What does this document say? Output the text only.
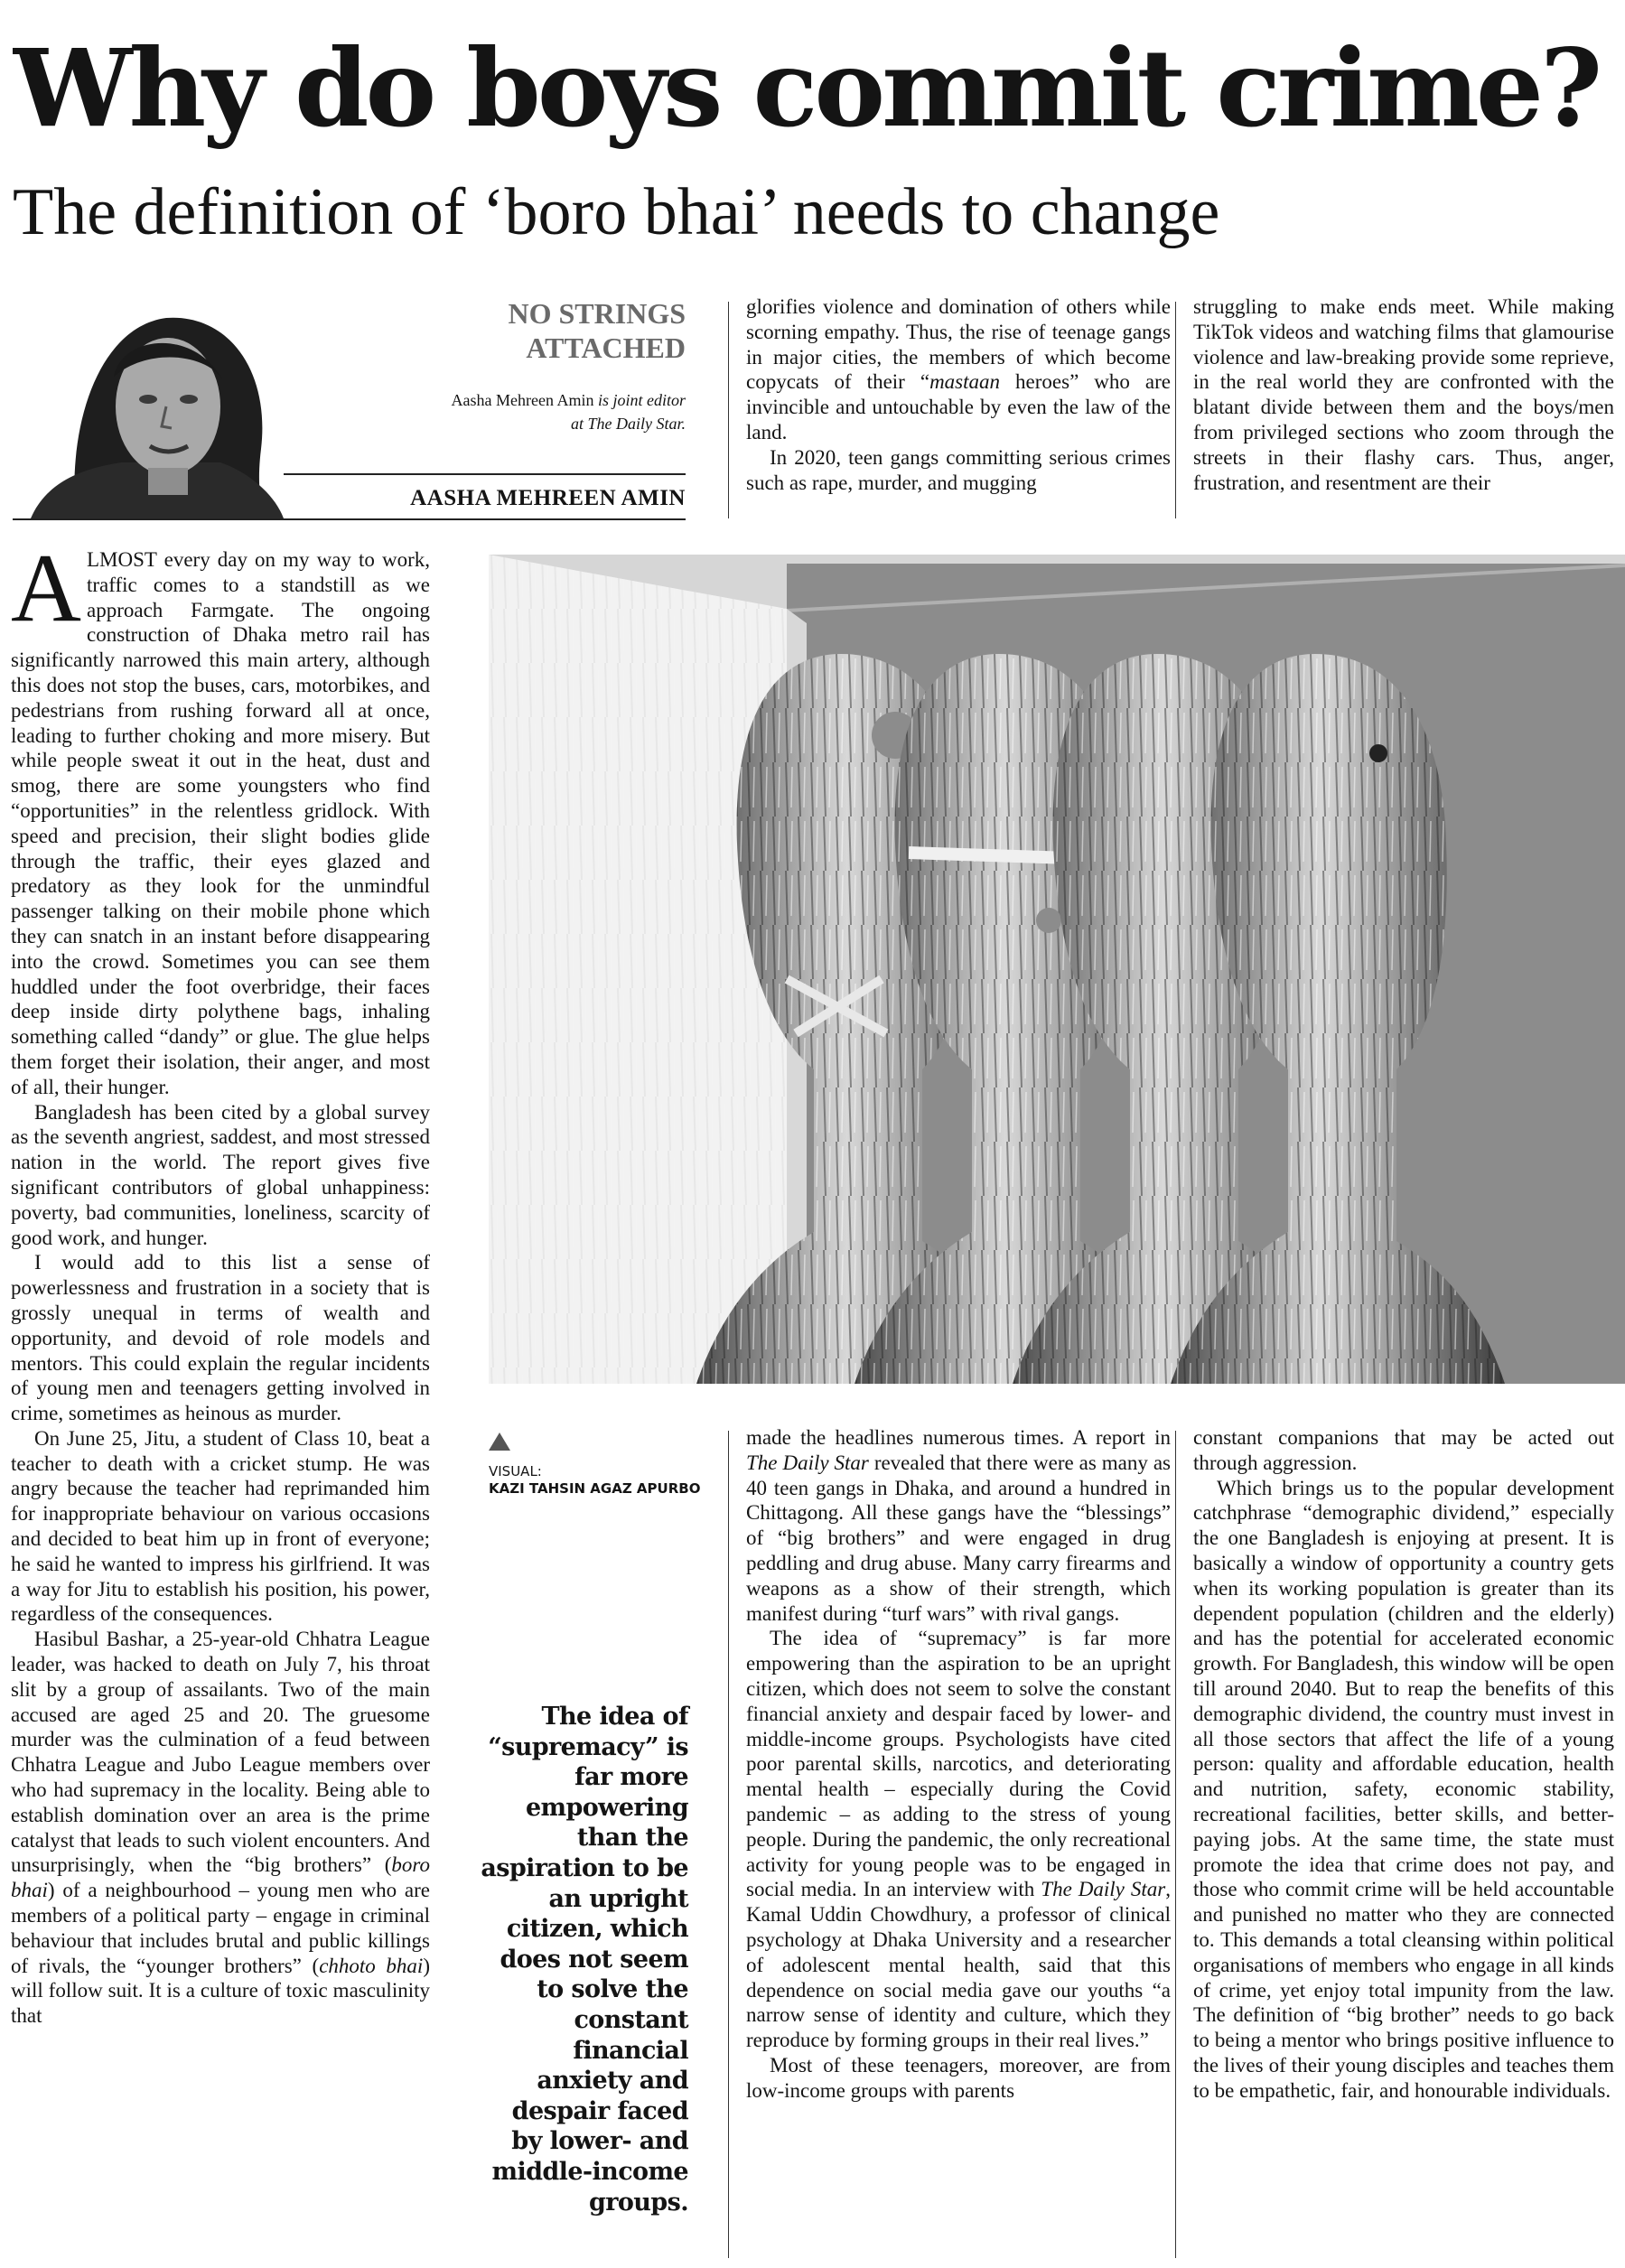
Why do boys commit crime?
The definition of ‘boro bhai’ needs to change
NO STRINGS
ATTACHED
Aasha Mehreen Amin is joint editor
at The Daily Star.
AASHA MEHREEN AMIN

ALMOST every day on my way to work, traffic comes to a standstill as we approach Farmgate. The ongoing construction of Dhaka metro rail has significantly narrowed this main artery, although this does not stop the buses, cars, motorbikes, and pedestrians from rushing forward all at once, leading to further choking and more misery. But while people sweat it out in the heat, dust and smog, there are some youngsters who find “opportunities” in the relentless gridlock. With speed and precision, their slight bodies glide through the traffic, their eyes glazed and predatory as they look for the unmindful passenger talking on their mobile phone which they can snatch in an instant before disappearing into the crowd. Sometimes you can see them huddled under the foot overbridge, their faces deep inside dirty polythene bags, inhaling something called “dandy” or glue. The glue helps them forget their isolation, their anger, and most of all, their hunger.

Bangladesh has been cited by a global survey as the seventh angriest, saddest, and most stressed nation in the world. The report gives five significant contributors of global unhappiness: poverty, bad communities, loneliness, scarcity of good work, and hunger.

I would add to this list a sense of powerlessness and frustration in a society that is grossly unequal in terms of wealth and opportunity, and devoid of role models and mentors. This could explain the regular incidents of young men and teenagers getting involved in crime, sometimes as heinous as murder.

On June 25, Jitu, a student of Class 10, beat a teacher to death with a cricket stump. He was angry because the teacher had reprimanded him for inappropriate behaviour on various occasions and decided to beat him up in front of everyone; he said he wanted to impress his girlfriend. It was a way for Jitu to establish his position, his power, regardless of the consequences.

Hasibul Bashar, a 25-year-old Chhatra League leader, was hacked to death on July 7, his throat slit by a group of assailants. Two of the main accused are aged 25 and 20. The gruesome murder was the culmination of a feud between Chhatra League and Jubo League members over who had supremacy in the locality. Being able to establish domination over an area is the prime catalyst that leads to such violent encounters. And unsurprisingly, when the “big brothers” (boro bhai) of a neighbourhood – young men who are members of a political party – engage in criminal behaviour that includes brutal and public killings of rivals, the “younger brothers” (chhoto bhai) will follow suit. It is a culture of toxic masculinity that

glorifies violence and domination of others while scorning empathy. Thus, the rise of teenage gangs in major cities, the members of which become copycats of their “mastaan heroes” who are invincible and untouchable by even the law of the land.

In 2020, teen gangs committing serious crimes such as rape, murder, and mugging

struggling to make ends meet. While making TikTok videos and watching films that glamourise violence and law-breaking provide some reprieve, in the real world they are confronted with the blatant divide between them and the boys/men from privileged sections who zoom through the streets in their flashy cars. Thus, anger, frustration, and resentment are their

VISUAL:
KAZI TAHSIN AGAZ APURBO
The idea of “supremacy” is far more empowering than the aspiration to be an upright citizen, which does not seem to solve the constant financial anxiety and despair faced by lower- and middle-income groups.

made the headlines numerous times. A report in The Daily Star revealed that there were as many as 40 teen gangs in Dhaka, and around a hundred in Chittagong. All these gangs have the “blessings” of “big brothers” and were engaged in drug peddling and drug abuse. Many carry firearms and weapons as a show of their strength, which manifest during “turf wars” with rival gangs.

The idea of “supremacy” is far more empowering than the aspiration to be an upright citizen, which does not seem to solve the constant financial anxiety and despair faced by lower- and middle-income groups. Psychologists have cited poor parental skills, narcotics, and deteriorating mental health – especially during the Covid pandemic – as adding to the stress of young people. During the pandemic, the only recreational activity for young people was to be engaged in social media. In an interview with The Daily Star, Kamal Uddin Chowdhury, a professor of clinical psychology at Dhaka University and a researcher of adolescent mental health, said that this dependence on social media gave our youths “a narrow sense of identity and culture, which they reproduce by forming groups in their real lives.”

Most of these teenagers, moreover, are from low-income groups with parents

constant companions that may be acted out through aggression.

Which brings us to the popular development catchphrase “demographic dividend,” especially the one Bangladesh is enjoying at present. It is basically a window of opportunity a country gets when its working population is greater than its dependent population (children and the elderly) and has the potential for accelerated economic growth. For Bangladesh, this window will be open till around 2040. But to reap the benefits of this demographic dividend, the country must invest in all those sectors that affect the life of a young person: quality and affordable education, health and nutrition, safety, economic stability, recreational facilities, better skills, and better-paying jobs. At the same time, the state must promote the idea that crime does not pay, and those who commit crime will be held accountable and punished no matter who they are connected to. This demands a total cleansing within political organisations of members who engage in all kinds of crime, yet enjoy total impunity from the law. The definition of “big brother” needs to go back to being a mentor who brings positive influence to the lives of their young disciples and teaches them to be empathetic, fair, and honourable individuals.
